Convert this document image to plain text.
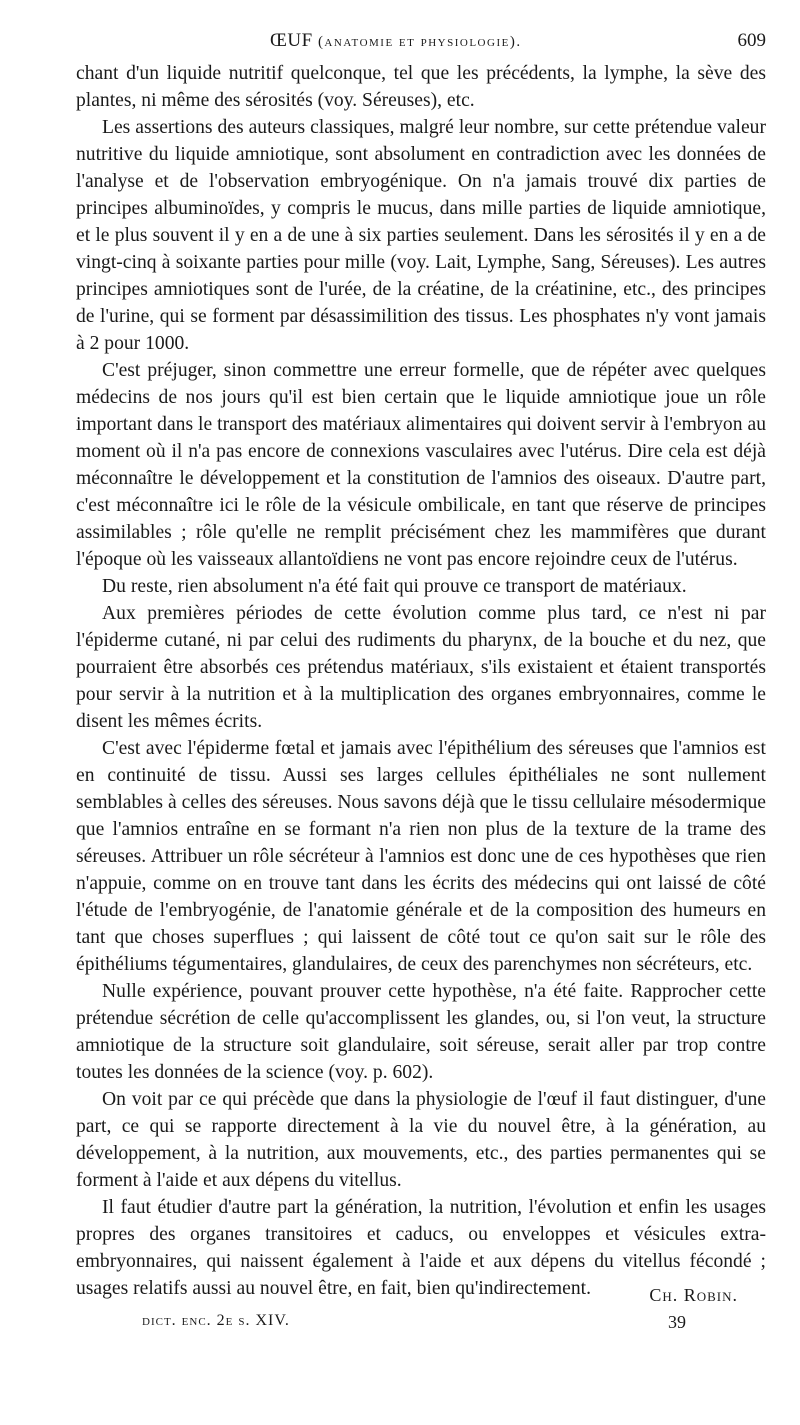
ŒUF (anatomie et physiologie).	609

chant d'un liquide nutritif quelconque, tel que les précédents, la lymphe, la sève des plantes, ni même des sérosités (voy. Séreuses), etc.

Les assertions des auteurs classiques, malgré leur nombre, sur cette prétendue valeur nutritive du liquide amniotique, sont absolument en contradiction avec les données de l'analyse et de l'observation embryogénique. On n'a jamais trouvé dix parties de principes albuminoïdes, y compris le mucus, dans mille parties de liquide amniotique, et le plus souvent il y en a de une à six parties seulement. Dans les sérosités il y en a de vingt-cinq à soixante parties pour mille (voy. Lait, Lymphe, Sang, Séreuses). Les autres principes amniotiques sont de l'urée, de la créatine, de la créatinine, etc., des principes de l'urine, qui se forment par désassimilition des tissus. Les phosphates n'y vont jamais à 2 pour 1000.

C'est préjuger, sinon commettre une erreur formelle, que de répéter avec quelques médecins de nos jours qu'il est bien certain que le liquide amniotique joue un rôle important dans le transport des matériaux alimentaires qui doivent servir à l'embryon au moment où il n'a pas encore de connexions vasculaires avec l'utérus. Dire cela est déjà méconnaître le développement et la constitution de l'amnios des oiseaux. D'autre part, c'est méconnaître ici le rôle de la vésicule ombilicale, en tant que réserve de principes assimilables ; rôle qu'elle ne remplit précisément chez les mammifères que durant l'époque où les vaisseaux allantoïdiens ne vont pas encore rejoindre ceux de l'utérus.

Du reste, rien absolument n'a été fait qui prouve ce transport de matériaux.

Aux premières périodes de cette évolution comme plus tard, ce n'est ni par l'épiderme cutané, ni par celui des rudiments du pharynx, de la bouche et du nez, que pourraient être absorbés ces prétendus matériaux, s'ils existaient et étaient transportés pour servir à la nutrition et à la multiplication des organes embryonnaires, comme le disent les mêmes écrits.

C'est avec l'épiderme fœtal et jamais avec l'épithélium des séreuses que l'amnios est en continuité de tissu. Aussi ses larges cellules épithéliales ne sont nullement semblables à celles des séreuses. Nous savons déjà que le tissu cellulaire mésodermique que l'amnios entraîne en se formant n'a rien non plus de la texture de la trame des séreuses. Attribuer un rôle sécréteur à l'amnios est donc une de ces hypothèses que rien n'appuie, comme on en trouve tant dans les écrits des médecins qui ont laissé de côté l'étude de l'embryogénie, de l'anatomie générale et de la composition des humeurs en tant que choses superflues ; qui laissent de côté tout ce qu'on sait sur le rôle des épithéliums tégumentaires, glandulaires, de ceux des parenchymes non sécréteurs, etc.

Nulle expérience, pouvant prouver cette hypothèse, n'a été faite. Rapprocher cette prétendue sécrétion de celle qu'accomplissent les glandes, ou, si l'on veut, la structure amniotique de la structure soit glandulaire, soit séreuse, serait aller par trop contre toutes les données de la science (voy. p. 602).

On voit par ce qui précède que dans la physiologie de l'œuf il faut distinguer, d'une part, ce qui se rapporte directement à la vie du nouvel être, à la génération, au développement, à la nutrition, aux mouvements, etc., des parties permanentes qui se forment à l'aide et aux dépens du vitellus.

Il faut étudier d'autre part la génération, la nutrition, l'évolution et enfin les usages propres des organes transitoires et caducs, ou enveloppes et vésicules extra-embryonnaires, qui naissent également à l'aide et aux dépens du vitellus fécondé ; usages relatifs aussi au nouvel être, en fait, bien qu'indirectement.	Ch. Robin.
dict. enc. 2e s. XIV.	39
